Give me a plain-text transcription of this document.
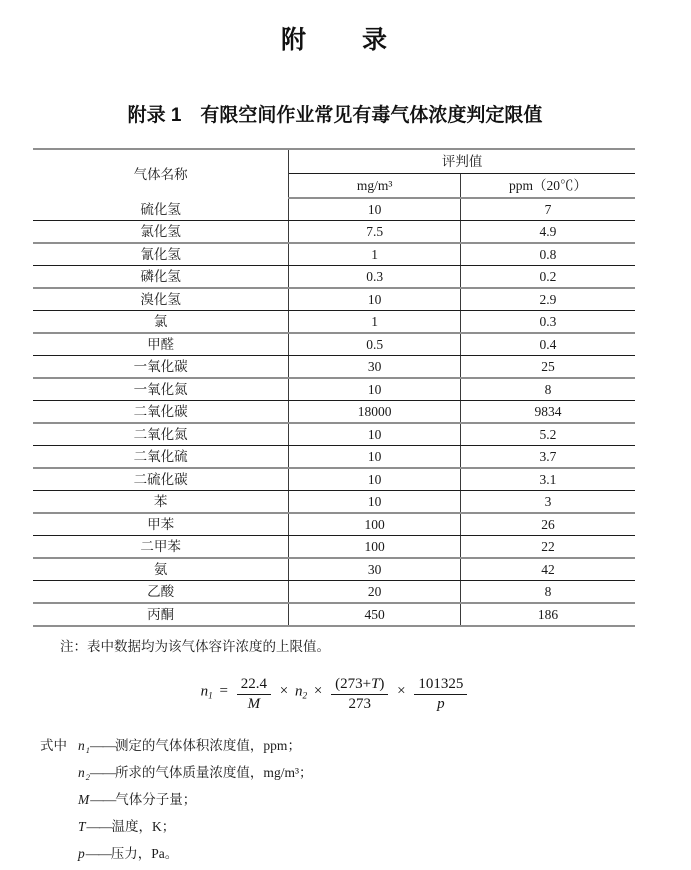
附　　录
附录 1　有限空间作业常见有毒气体浓度判定限值
气体名称	评判值	
	mg/m³	ppm（20℃）
硫化氢	10	7
氯化氢	7.5	4.9
氰化氢	1	0.8
磷化氢	0.3	0.2
溴化氢	10	2.9
氯	1	0.3
甲醛	0.5	0.4
一氧化碳	30	25
一氧化氮	10	8
二氧化碳	18000	9834
二氧化氮	10	5.2
二氧化硫	10	3.7
二硫化碳	10	3.1
苯	10	3
甲苯	100	26
二甲苯	100	22
氨	30	42
乙酸	20	8
丙酮	450	186

注：表中数据均为该气体容许浓度的上限值。

$n_1 = \frac{22.4}{M} \times n_2 \times \frac{(273+T)}{273} \times \frac{101325}{p}$
式中 $n_1——$测定的气体体积浓度值，ppm；
$n_2——$所求的气体质量浓度值，mg/m³；
M——气体分子量；
T——温度，K；
p——压力，Pa。
